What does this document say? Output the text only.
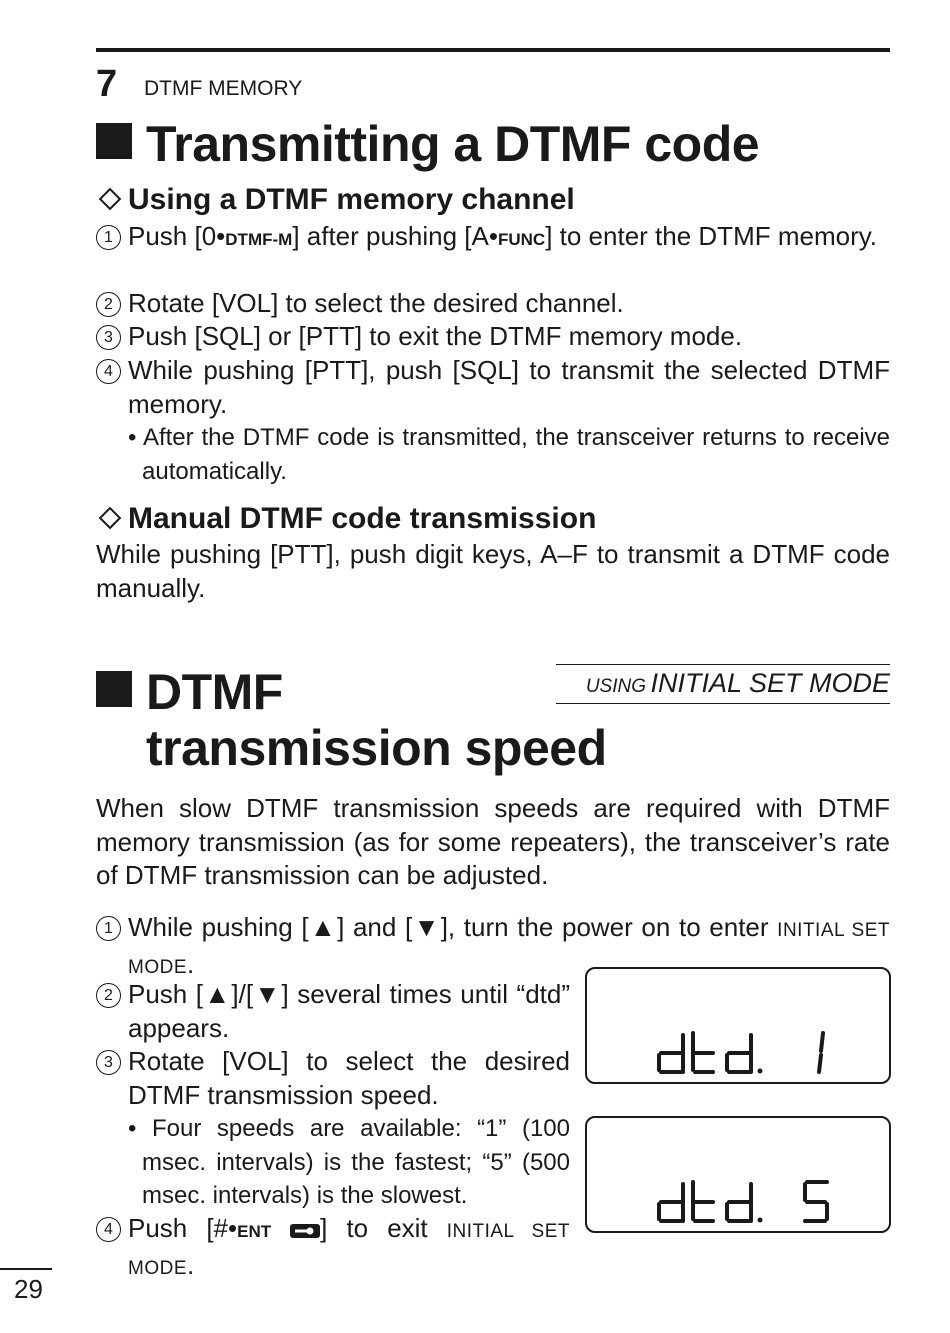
7 DTMF MEMORY
Transmitting a DTMF code
Using a DTMF memory channel
1 Push [0•DTMF-M] after pushing [A•FUNC] to enter the DTMF memory.
2 Rotate [VOL] to select the desired channel.
3 Push [SQL] or [PTT] to exit the DTMF memory mode.
4 While pushing [PTT], push [SQL] to transmit the selected DTMF memory.
• After the DTMF code is transmitted, the transceiver returns to receive automatically.
Manual DTMF code transmission
While pushing [PTT], push digit keys, A–F to transmit a DTMF code manually.
DTMF
transmission speed
USING INITIAL SET MODE
When slow DTMF transmission speeds are required with DTMF memory transmission (as for some repeaters), the transceiver’s rate of DTMF transmission can be adjusted.
1 While pushing [▲] and [▼], turn the power on to enter INITIAL SET MODE.
2 Push [▲]/[▼] several times until “dtd” appears.
3 Rotate [VOL] to select the desired DTMF transmission speed.
• Four speeds are available: “1” (100 msec. intervals) is the fastest; “5” (500 msec. intervals) is the slowest.
4 Push [#•ENT ] to exit INITIAL SET MODE.
29
